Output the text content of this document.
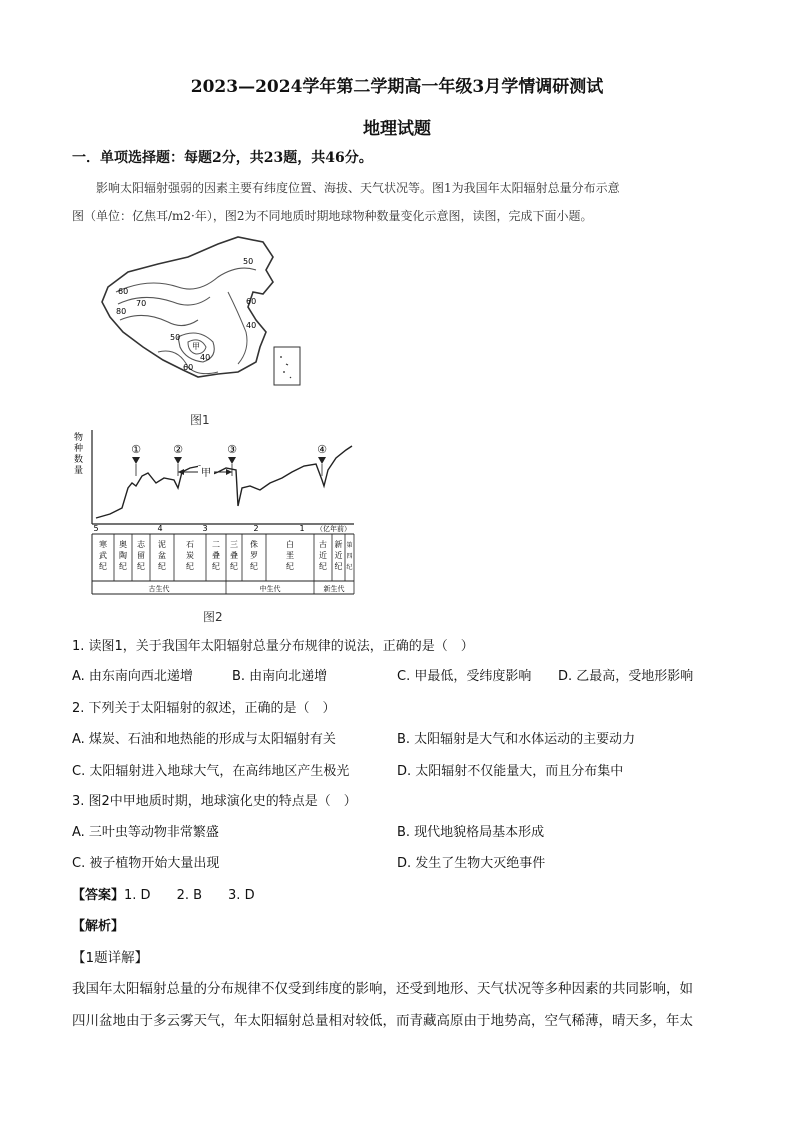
2023—2024学年第二学期高一年级3月学情调研测试
地理试题
一．单项选择题：每题2分，共23题，共46分。
影响太阳辐射强弱的因素主要有纬度位置、海拔、天气状况等。图1为我国年太阳辐射总量分布示意
图（单位：亿焦耳/m2·年），图2为不同地质时期地球物种数量变化示意图，读图，完成下面小题。
50
60
70
80
60
40
50
60
40
甲
图1
物
种
数
量
①	②	③	④
甲
5	4	3	2	1 （亿年前）
寒
武
纪
奥
陶
纪
志
留
纪
泥
盆
纪
石
炭
纪
二
叠
纪
三
叠
纪
侏
罗
纪
白
垩
纪
古
近
纪
新
近
纪
第
四
纪
古生代	中生代	新生代
图2
1. 读图1，关于我国年太阳辐射总量分布规律的说法，正确的是（　）
A. 由东南向西北递增	B. 由南向北递增	C. 甲最低，受纬度影响 D. 乙最高，受地形影响
2. 下列关于太阳辐射的叙述，正确的是（　）
A. 煤炭、石油和地热能的形成与太阳辐射有关	B. 太阳辐射是大气和水体运动的主要动力
C. 太阳辐射进入地球大气，在高纬地区产生极光	D. 太阳辐射不仅能量大，而且分布集中
3. 图2中甲地质时期，地球演化史的特点是（　）
A. 三叶虫等动物非常繁盛	B. 现代地貌格局基本形成
C. 被子植物开始大量出现	D. 发生了生物大灭绝事件
【答案】1. D 2. B 3. D
【解析】
【1题详解】
我国年太阳辐射总量的分布规律不仅受到纬度的影响，还受到地形、天气状况等多种因素的共同影响，如
四川盆地由于多云雾天气，年太阳辐射总量相对较低，而青藏高原由于地势高，空气稀薄，晴天多，年太
